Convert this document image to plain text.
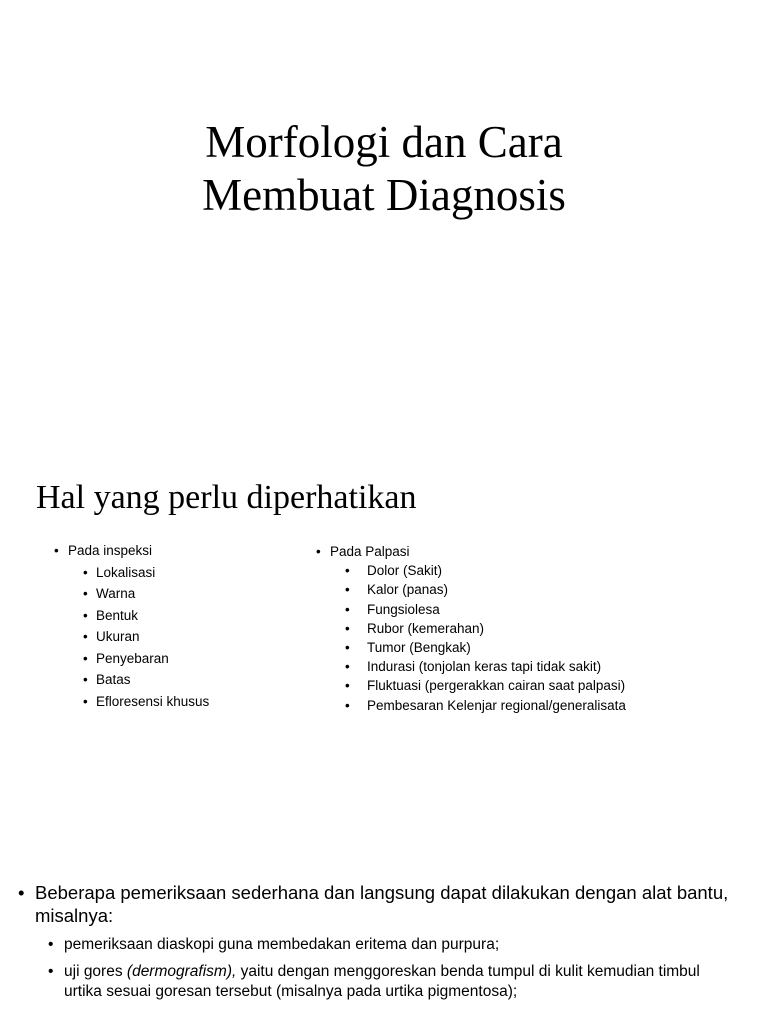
Morfologi dan Cara
Membuat Diagnosis
Hal yang perlu diperhatikan
• Pada inspeksi
• Lokalisasi
• Warna
• Bentuk
• Ukuran
• Penyebaran
• Batas
• Efloresensi khusus
• Pada Palpasi
• Dolor (Sakit)
• Kalor (panas)
• Fungsiolesa
• Rubor (kemerahan)
• Tumor (Bengkak)
• Indurasi (tonjolan keras tapi tidak sakit)
• Fluktuasi (pergerakkan cairan saat palpasi)
• Pembesaran Kelenjar regional/generalisata
• Beberapa pemeriksaan sederhana dan langsung dapat dilakukan dengan alat bantu, misalnya:
• pemeriksaan diaskopi guna membedakan eritema dan purpura;
• uji gores (dermografism), yaitu dengan menggoreskan benda tumpul di kulit kemudian timbul urtika sesuai goresan tersebut (misalnya pada urtika pigmentosa);
